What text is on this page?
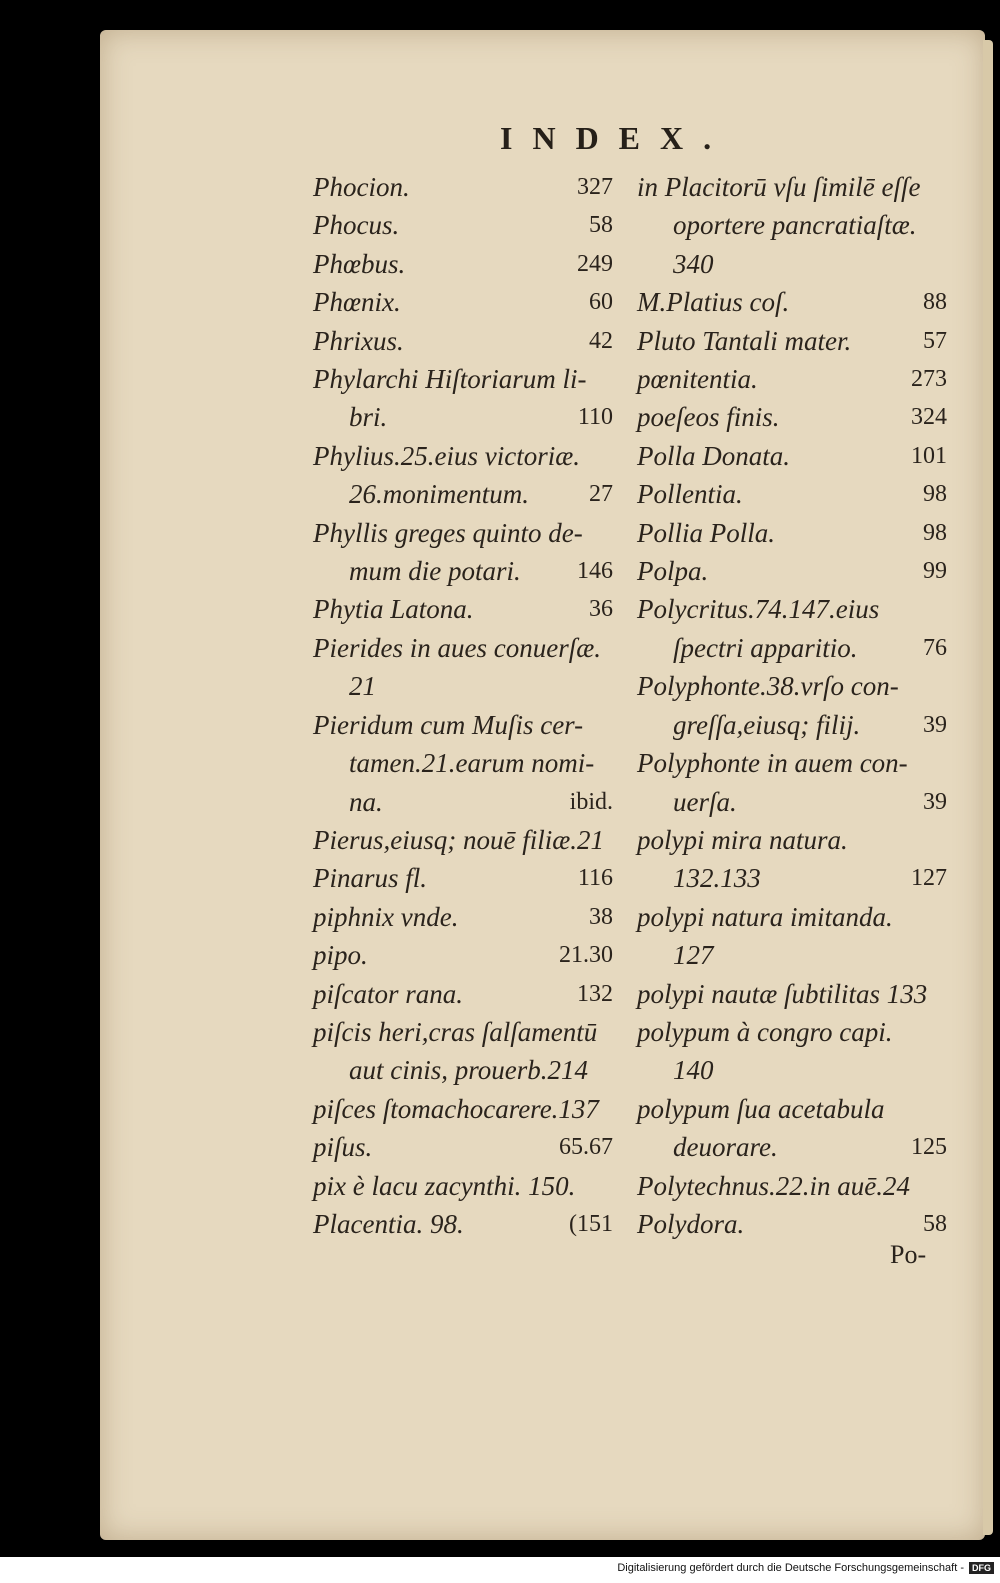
INDEX.
Phocion.	327
Phocus.	58
Phœbus.	249
Phœnix.	60
Phrixus.	42
Phylarchi Hiſtoriarum li-
bri.	110
Phylius.25.eius victoriæ.
26.monimentum.	27
Phyllis greges quinto de-
mum die potari. 146
Phytia Latona.	36
Pierides in aues conuerſæ.
21
Pieridum cum Muſis cer-
tamen.21.earum nomi-
na.	ibid.
Pierus,eiusq; nouē filiæ.21
Pinarus fl.	116
piphnix vnde.	38
pipo.	21.30
piſcator rana.	132
piſcis heri,cras ſalſamentū
aut cinis, prouerb.214
piſces ſtomachocarere.137
piſus.	65.67
pix è lacu zacynthi. 150.
Placentia. 98.	(151
in Placitorū vſu ſimilē eſſe
oportere pancratiaſtæ.
340
M.Platius coſ.	88
Pluto Tantali mater.	57
pœnitentia.	273
poeſeos finis.	324
Polla Donata.	101
Pollentia.	98
Pollia Polla.	98
Polpa.	99
Polycritus.74.147.eius
ſpectri apparitio.	76
Polyphonte.38.vrſo con-
greſſa,eiusq; filij.	39
Polyphonte in auem con-
uerſa.	39
polypi mira natura.
132.133	127
polypi natura imitanda.
127
polypi nautæ ſubtilitas 133
polypum à congro capi.
140
polypum ſua acetabula
deuorare.	125
Polytechnus.22.in auē.24
Polydora.	58
Po-
Digitalisierung gefördert durch die Deutsche Forschungsgemeinschaft - DFG
